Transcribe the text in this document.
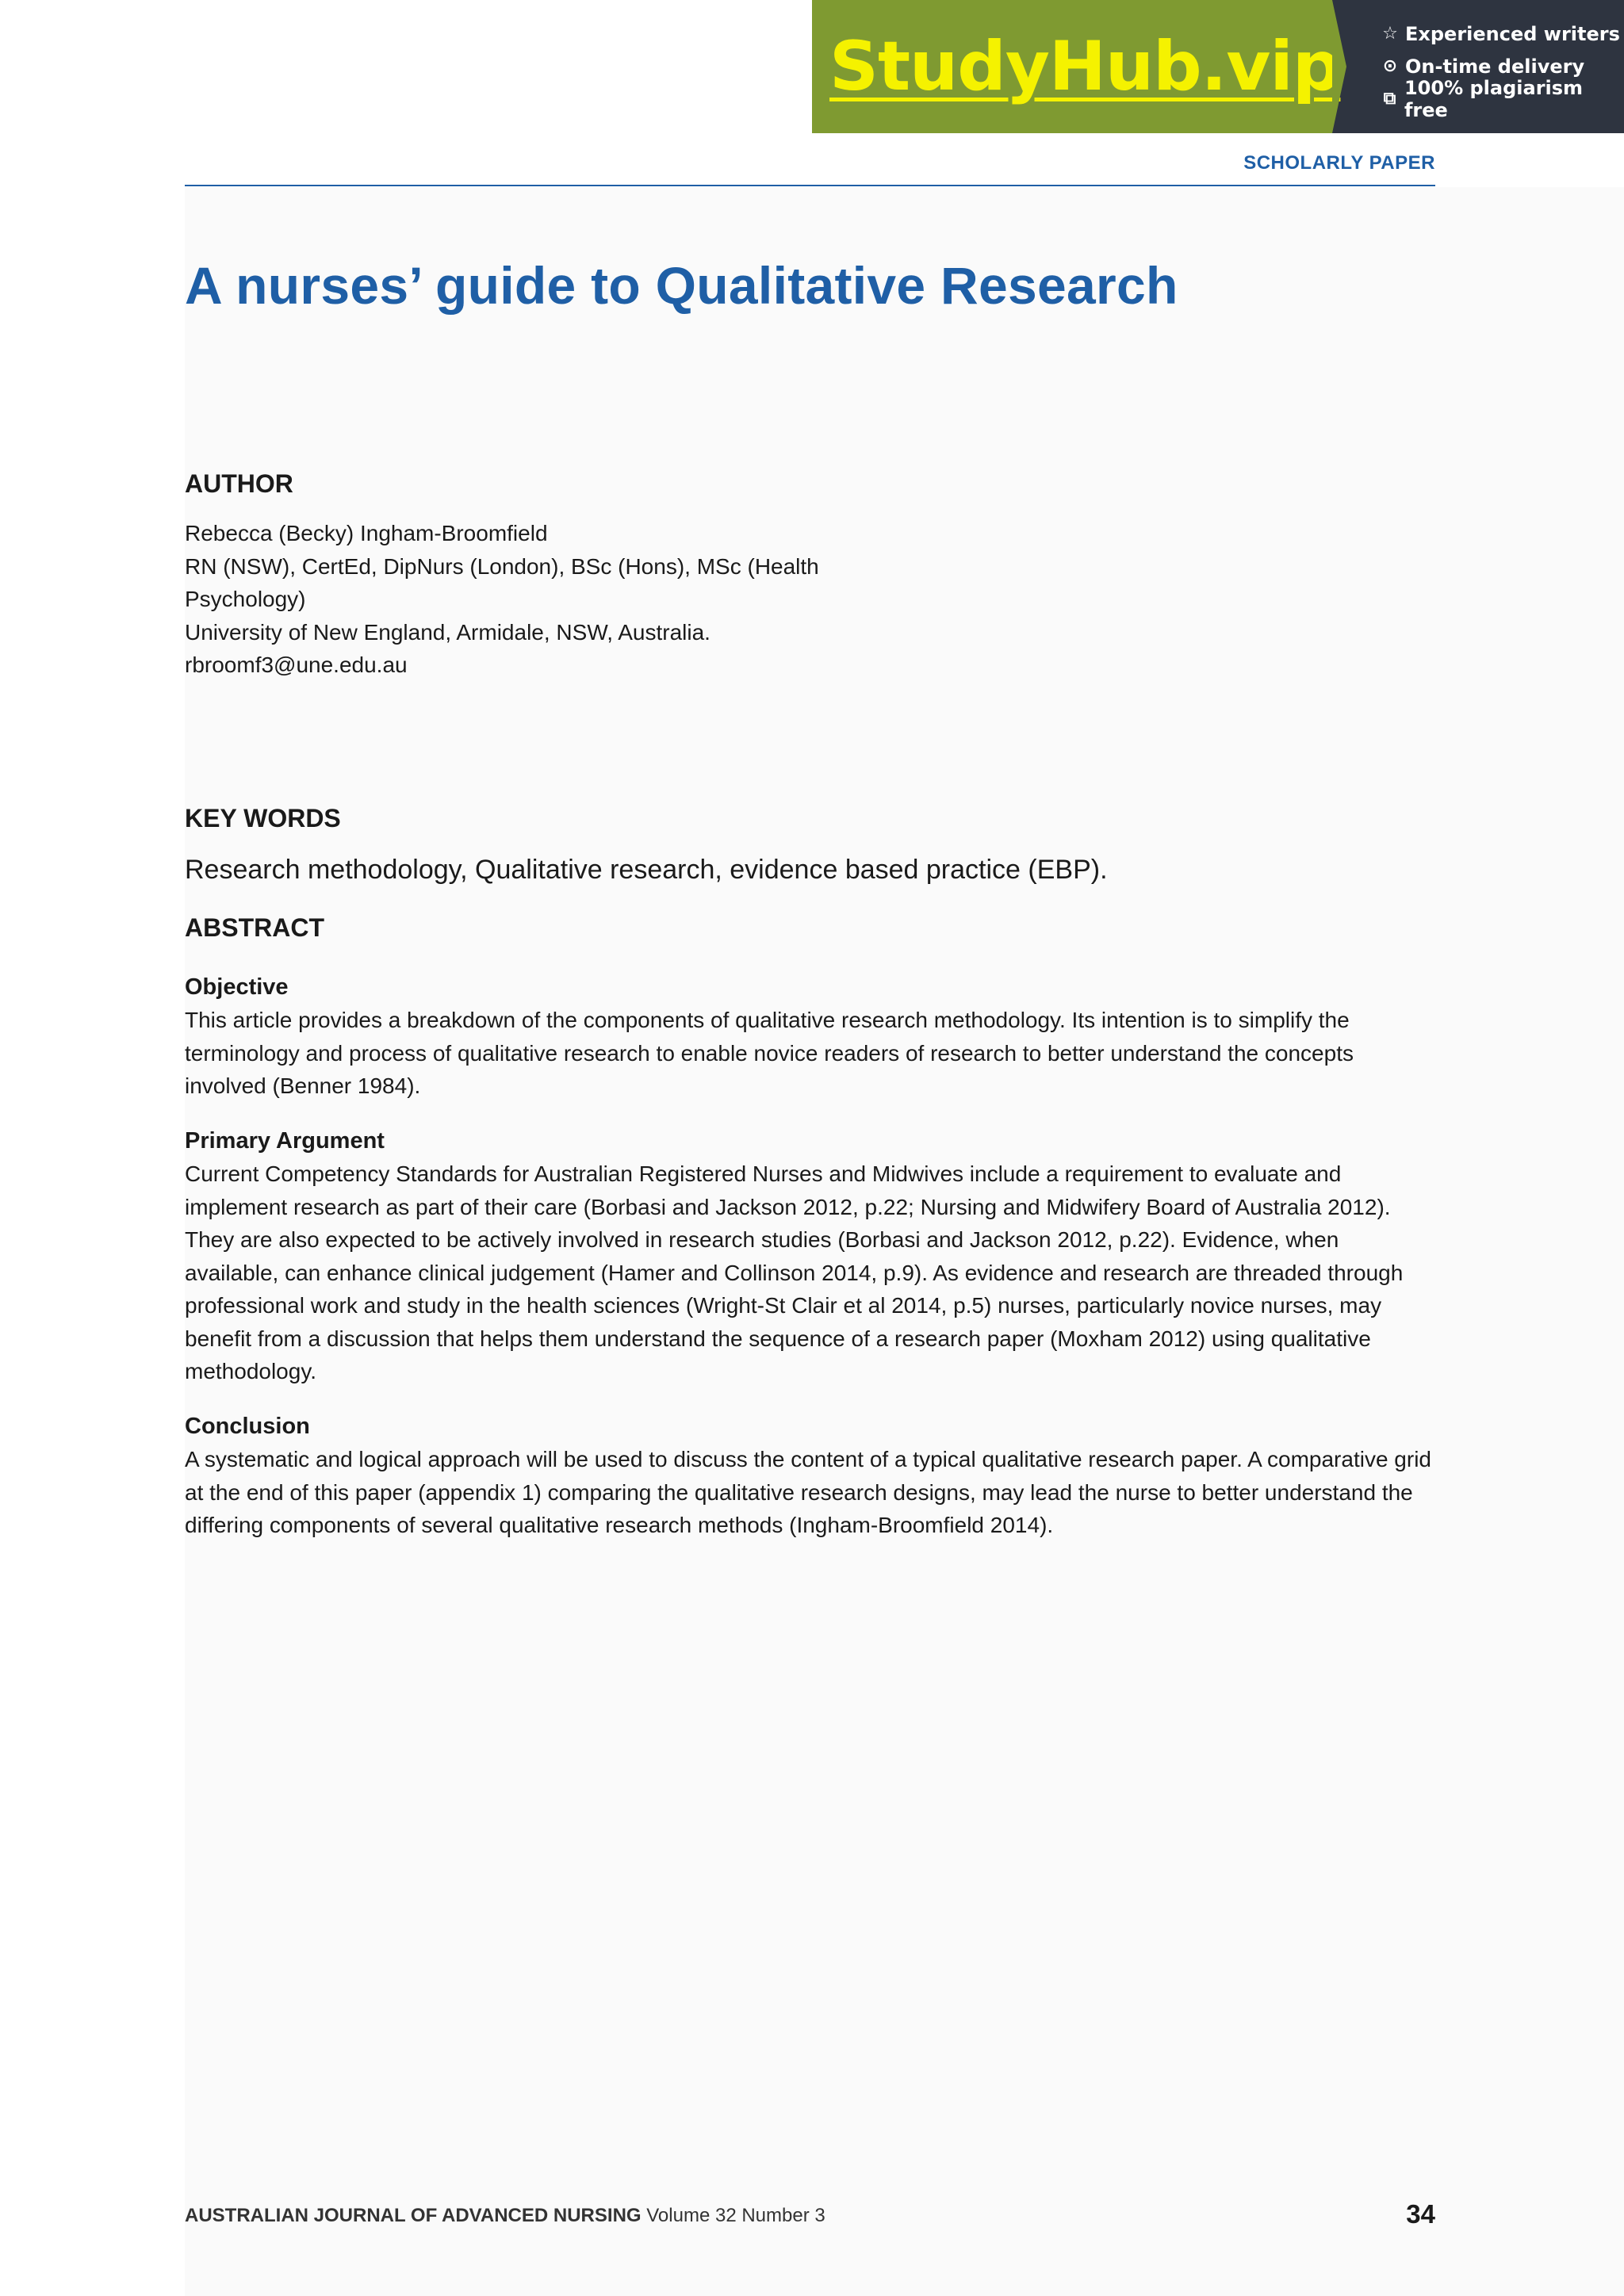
StudyHub.vip ☆ Experienced writers
⊙ On-time delivery
⧉ 100% plagiarism free
SCHOLARLY PAPER
A nurses’ guide to Qualitative Research
AUTHOR
Rebecca (Becky) Ingham-Broomfield
RN (NSW), CertEd, DipNurs (London), BSc (Hons), MSc (Health
Psychology)
University of New England, Armidale, NSW, Australia.
rbroomf3@une.edu.au
KEY WORDS
Research methodology, Qualitative research, evidence based practice (EBP).
ABSTRACT
Objective

This article provides a breakdown of the components of qualitative research methodology. Its intention is to simplify the terminology and process of qualitative research to enable novice readers of research to better understand the concepts involved (Benner 1984).

Primary Argument

Current Competency Standards for Australian Registered Nurses and Midwives include a requirement to evaluate and implement research as part of their care (Borbasi and Jackson 2012, p.22; Nursing and Midwifery Board of Australia 2012). They are also expected to be actively involved in research studies (Borbasi and Jackson 2012, p.22). Evidence, when available, can enhance clinical judgement (Hamer and Collinson 2014, p.9). As evidence and research are threaded through professional work and study in the health sciences (Wright-St Clair et al 2014, p.5) nurses, particularly novice nurses, may benefit from a discussion that helps them understand the sequence of a research paper (Moxham 2012) using qualitative methodology.

Conclusion

A systematic and logical approach will be used to discuss the content of a typical qualitative research paper. A comparative grid at the end of this paper (appendix 1) comparing the qualitative research designs, may lead the nurse to better understand the differing components of several qualitative research methods (Ingham-Broomfield 2014).

AUSTRALIAN JOURNAL OF ADVANCED NURSING Volume 32 Number 3	34
